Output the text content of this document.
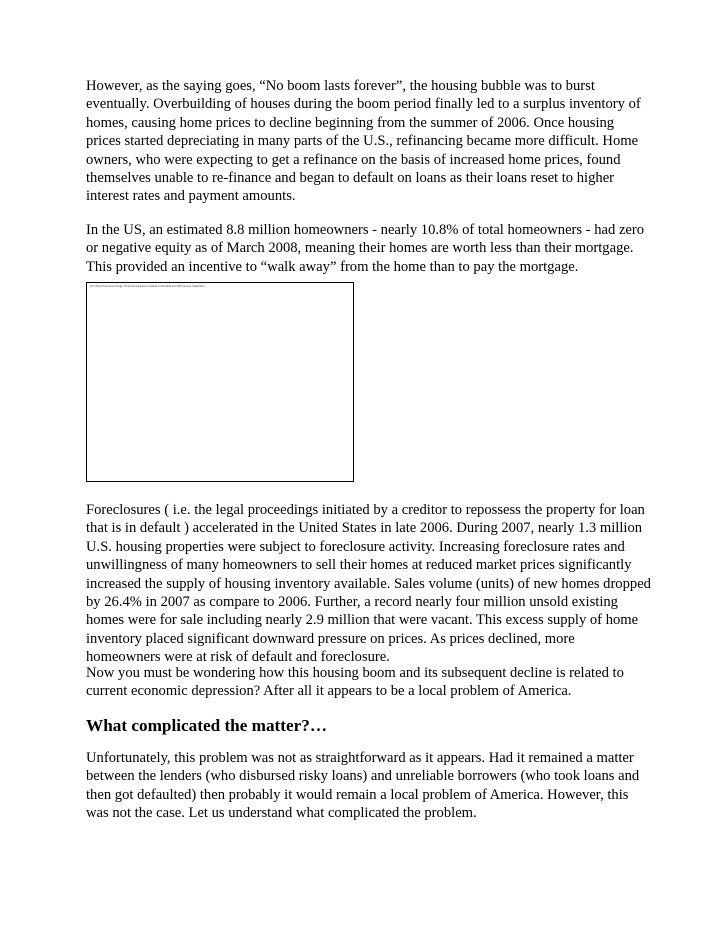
However, as the saying goes, “No boom lasts forever”, the housing bubble was to burst eventually. Overbuilding of houses during the boom period finally led to a surplus inventory of homes, causing home prices to decline beginning from the summer of 2006. Once housing prices started depreciating in many parts of the U.S., refinancing became more difficult. Home owners, who were expecting to get a refinance on the basis of increased home prices, found themselves unable to re-finance and began to default on loans as their loans reset to higher interest rates and payment amounts.

In the US, an estimated 8.8 million homeowners - nearly 10.8% of total homeowners - had zero or negative equity as of March 2008, meaning their homes are worth less than their mortgage. This provided an incentive to “walk away” from the home than to pay the mortgage.

U.S. Home Foreclosure Filings - Foreclosure activity increased in late 2006 and 2007 (Source: RealtyTrac)

Foreclosures ( i.e. the legal proceedings initiated by a creditor to repossess the property for loan that is in default ) accelerated in the United States in late 2006. During 2007, nearly 1.3 million U.S. housing properties were subject to foreclosure activity. Increasing foreclosure rates and unwillingness of many homeowners to sell their homes at reduced market prices significantly increased the supply of housing inventory available. Sales volume (units) of new homes dropped by 26.4% in 2007 as compare to 2006. Further, a record nearly four million unsold existing homes were for sale including nearly 2.9 million that were vacant. This excess supply of home inventory placed significant downward pressure on prices. As prices declined, more homeowners were at risk of default and foreclosure.

Now you must be wondering how this housing boom and its subsequent decline is related to current economic depression? After all it appears to be a local problem of America.

What complicated the matter?…

Unfortunately, this problem was not as straightforward as it appears. Had it remained a matter between the lenders (who disbursed risky loans) and unreliable borrowers (who took loans and then got defaulted) then probably it would remain a local problem of America. However, this was not the case. Let us understand what complicated the problem.
